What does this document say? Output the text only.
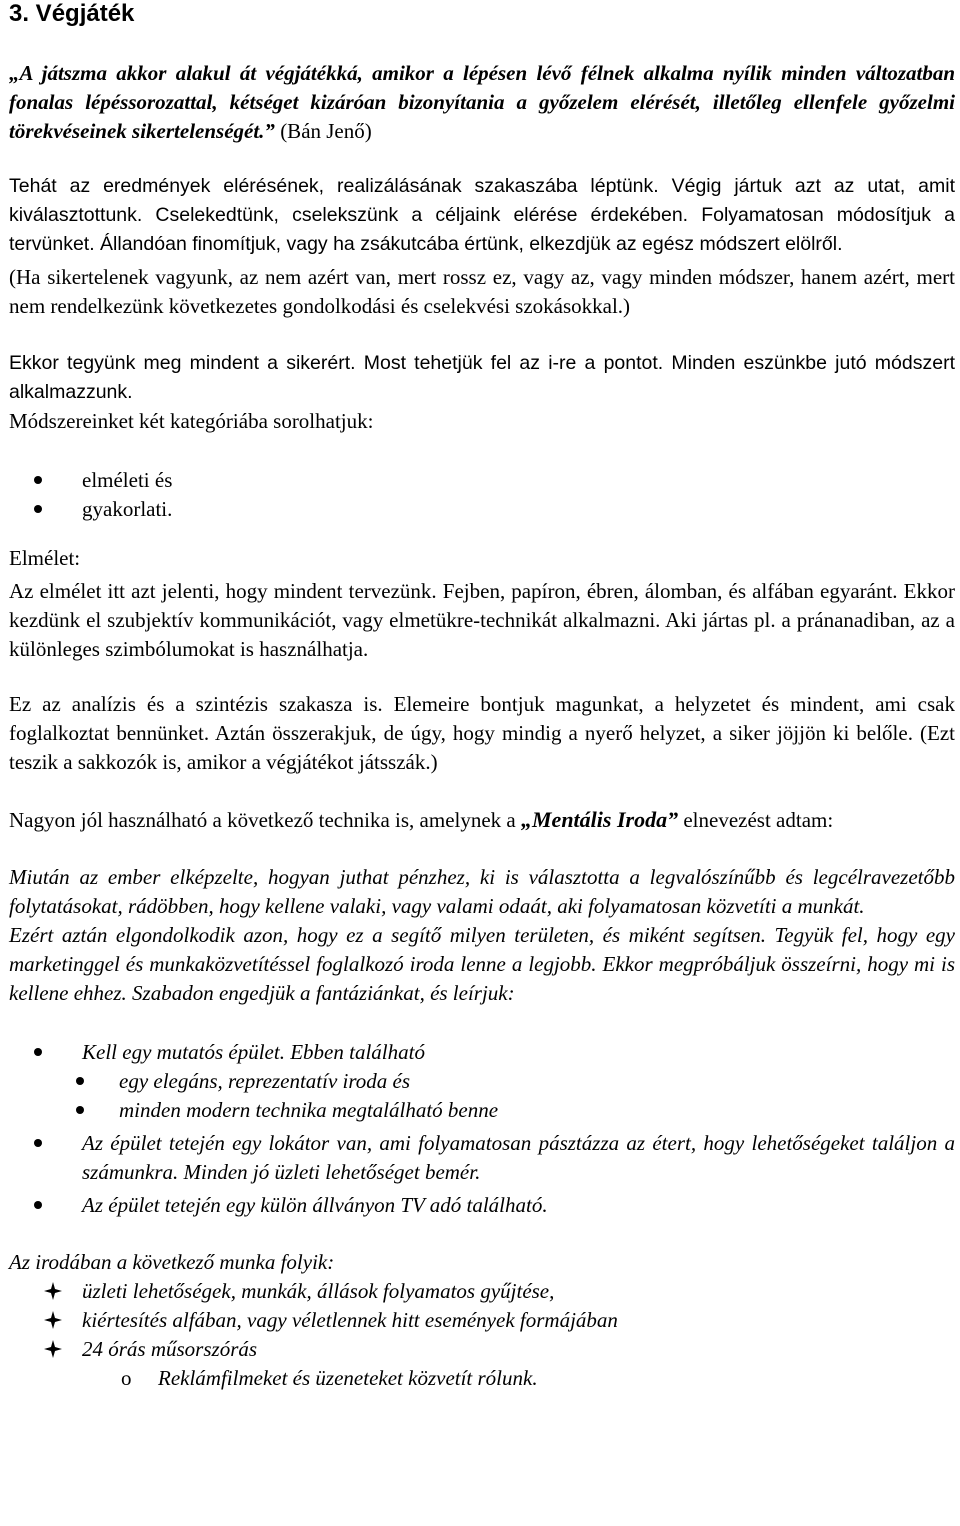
3. Végjáték

„A játszma akkor alakul át végjátékká, amikor a lépésen lévő félnek alkalma nyílik minden változatban fonalas lépéssorozattal, kétséget kizáróan bizonyítania a győzelem elérését, illetőleg ellenfele győzelmi törekvéseinek sikertelenségét.” (Bán Jenő)

Tehát az eredmények elérésének, realizálásának szakaszába léptünk. Végig jártuk azt az utat, amit kiválasztottunk. Cselekedtünk, cselekszünk a céljaink elérése érdekében. Folyamatosan módosítjuk a tervünket. Állandóan finomítjuk, vagy ha zsákutcába értünk, elkezdjük az egész módszert elölről.

(Ha sikertelenek vagyunk, az nem azért van, mert rossz ez, vagy az, vagy minden módszer, hanem azért, mert nem rendelkezünk következetes gondolkodási és cselekvési szokásokkal.)

Ekkor tegyünk meg mindent a sikerért. Most tehetjük fel az i-re a pontot. Minden eszünkbe jutó módszert alkalmazzunk.

Módszereinket két kategóriába sorolhatjuk:

elméleti és
gyakorlati.

Elmélet:

Az elmélet itt azt jelenti, hogy mindent tervezünk. Fejben, papíron, ébren, álomban, és alfában egyaránt. Ekkor kezdünk el szubjektív kommunikációt, vagy elmetükre-technikát alkalmazni. Aki jártas pl. a pránanadiban, az a különleges szimbólumokat is használhatja.

Ez az analízis és a szintézis szakasza is. Elemeire bontjuk magunkat, a helyzetet és mindent, ami csak foglalkoztat bennünket. Aztán összerakjuk, de úgy, hogy mindig a nyerő helyzet, a siker jöjjön ki belőle. (Ezt teszik a sakkozók is, amikor a végjátékot játsszák.)

Nagyon jól használható a következő technika is, amelynek a „Mentális Iroda” elnevezést adtam:

Miután az ember elképzelte, hogyan juthat pénzhez, ki is választotta a legvalószínűbb és legcélravezetőbb folytatásokat, rádöbben, hogy kellene valaki, vagy valami odaát, aki folyamatosan közvetíti a munkát.

Ezért aztán elgondolkodik azon, hogy ez a segítő milyen területen, és miként segítsen. Tegyük fel, hogy egy marketinggel és munkaközvetítéssel foglalkozó iroda lenne a legjobb. Ekkor megpróbáljuk összeírni, hogy mi is kellene ehhez. Szabadon engedjük a fantáziánkat, és leírjuk:

Kell egy mutatós épület. Ebben található
egy elegáns, reprezentatív iroda és
minden modern technika megtalálható benne
Az épület tetején egy lokátor van, ami folyamatosan pásztázza az étert, hogy lehetőségeket találjon a számunkra. Minden jó üzleti lehetőséget bemér.
Az épület tetején egy külön állványon TV adó található.

Az irodában a következő munka folyik:

üzleti lehetőségek, munkák, állások folyamatos gyűjtése,
kiértesítés alfában, vagy véletlennek hitt események formájában
24 órás műsorszórás
o Reklámfilmeket és üzeneteket közvetít rólunk.
